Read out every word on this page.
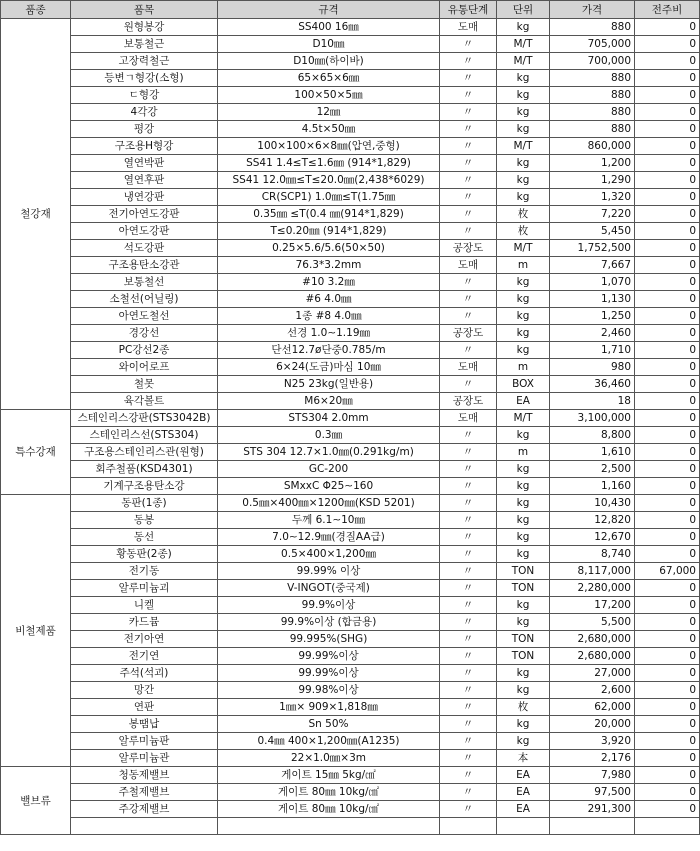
품종	품목	규격	유통단계	단위	가격	전주비
철강재	원형봉강	SS400 16㎜	도매	kg	880	0
	보통철근	D10㎜	〃	M/T	705,000	0
	고장력철근	D10㎜(하이바)	〃	M/T	700,000	0
	등변ㄱ형강(소형)	65×65×6㎜	〃	kg	880	0
	ㄷ형강	100×50×5㎜	〃	kg	880	0
	4각강	12㎜	〃	kg	880	0
	평강	4.5t×50㎜	〃	kg	880	0
	구조용H형강	100×100×6×8㎜(압연,중형)	〃	M/T	860,000	0
	열연박판	SS41 1.4≤T≤1.6㎜ (914*1,829)	〃	kg	1,200	0
	열연후판	SS41 12.0㎜≤T≤20.0㎜(2,438*6029)	〃	kg	1,290	0
	냉연강판	CR(SCP1) 1.0㎜≤T(1.75㎜	〃	kg	1,320	0
	전기아연도강판	0.35㎜ ≤T(0.4 ㎜(914*1,829)	〃	枚	7,220	0
	아연도강판	T≤0.20㎜ (914*1,829)	〃	枚	5,450	0
	석도강판	0.25×5.6/5.6(50×50)	공장도	M/T	1,752,500	0
	구조용탄소강관	76.3*3.2mm	도매	m	7,667	0
	보통철선	#10 3.2㎜	〃	kg	1,070	0
	소철선(어닐링)	#6 4.0㎜	〃	kg	1,130	0
	아연도철선	1종 #8 4.0㎜	〃	kg	1,250	0
	경강선	선경 1.0∼1.19㎜	공장도	kg	2,460	0
	PC강선2종	단선12.7ø단중0.785/m	〃	kg	1,710	0
	와이어로프	6×24(도금)마심 10㎜	도매	m	980	0
	철못	N25 23kg(일반용)	〃	BOX	36,460	0
	육각볼트	M6×20㎜	공장도	EA	18	0
특수강재	스테인리스강판(STS3042B)	STS304 2.0mm	도매	M/T	3,100,000	0
	스테인리스선(STS304)	0.3㎜	〃	kg	8,800	0
	구조용스테인리스관(원형)	STS 304 12.7×1.0㎜(0.291kg/m)	〃	m	1,610	0
	회주철품(KSD4301)	GC-200	〃	kg	2,500	0
	기계구조용탄소강	SMxxC Φ25∼160	〃	kg	1,160	0
비철제품	동판(1종)	0.5㎜×400㎜×1200㎜(KSD 5201)	〃	kg	10,430	0
	동봉	두께 6.1∼10㎜	〃	kg	12,820	0
	동선	7.0∼12.9㎜(경질AA급)	〃	kg	12,670	0
	황동판(2종)	0.5×400×1,200㎜	〃	kg	8,740	0
	전기동	99.99% 이상	〃	TON	8,117,000	67,000
	알루미늄괴	V-INGOT(중국제)	〃	TON	2,280,000	0
	니켈	99.9%이상	〃	kg	17,200	0
	카드뮴	99.9%이상 (합금용)	〃	kg	5,500	0
	전기아연	99.995%(SHG)	〃	TON	2,680,000	0
	전기연	99.99%이상	〃	TON	2,680,000	0
	주석(석괴)	99.99%이상	〃	kg	27,000	0
	망간	99.98%이상	〃	kg	2,600	0
	연판	1㎜× 909×1,818㎜	〃	枚	62,000	0
	봉땜납	Sn 50%	〃	kg	20,000	0
	알루미늄판	0.4㎜ 400×1,200㎜(A1235)	〃	kg	3,920	0
	알루미늄관	22×1.0㎜×3m	〃	本	2,176	0
밸브류	청동제밸브	게이트 15㎜ 5kg/㎠	〃	EA	7,980	0
	주철제밸브	게이트 80㎜ 10kg/㎠	〃	EA	97,500	0
	주강제밸브	게이트 80㎜ 10kg/㎠	〃	EA	291,300	0
